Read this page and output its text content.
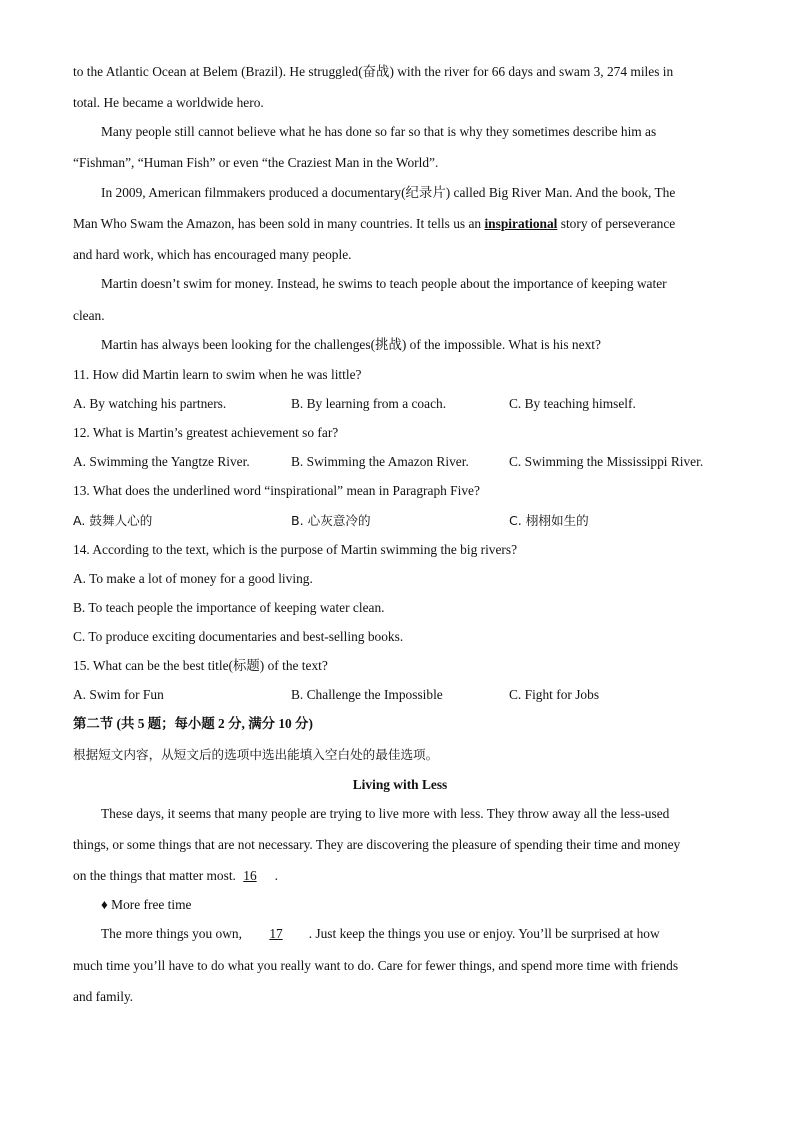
to the Atlantic Ocean at Belem (Brazil). He struggled(奋战) with the river for 66 days and swam 3, 274 miles in
total. He became a worldwide hero.
Many people still cannot believe what he has done so far so that is why they sometimes describe him as
“Fishman”, “Human Fish” or even “the Craziest Man in the World”.
In 2009, American filmmakers produced a documentary(纪录片) called Big River Man. And the book, The
Man Who Swam the Amazon, has been sold in many countries. It tells us an inspirational story of perseverance
and hard work, which has encouraged many people.
Martin doesn’t swim for money. Instead, he swims to teach people about the importance of keeping water
clean.
Martin has always been looking for the challenges(挑战) of the impossible. What is his next?
11. How did Martin learn to swim when he was little?
A. By watching his partners.	B. By learning from a coach.	C. By teaching himself.
12. What is Martin’s greatest achievement so far?
A. Swimming the Yangtze River.	B. Swimming the Amazon River.	C. Swimming the Mississippi River.
13. What does the underlined word “inspirational” mean in Paragraph Five?
A. 鼓舞人心的	B. 心灰意冷的	C. 栩栩如生的
14. According to the text, which is the purpose of Martin swimming the big rivers?
A. To make a lot of money for a good living.
B. To teach people the importance of keeping water clean.
C. To produce exciting documentaries and best-selling books.
15. What can be the best title(标题) of the text?
A. Swim for Fun	B. Challenge the Impossible	C. Fight for Jobs
第二节 (共 5 题；每小题 2 分, 满分 10 分)
根据短文内容，从短文后的选项中选出能填入空白处的最佳选项。
Living with Less
These days, it seems that many people are trying to live more with less. They throw away all the less-used
things, or some things that are not necessary. They are discovering the pleasure of spending their time and money
on the things that matter most. 16 .
♦ More free time
The more things you own, 17 . Just keep the things you use or enjoy. You’ll be surprised at how
much time you’ll have to do what you really want to do. Care for fewer things, and spend more time with friends
and family.
